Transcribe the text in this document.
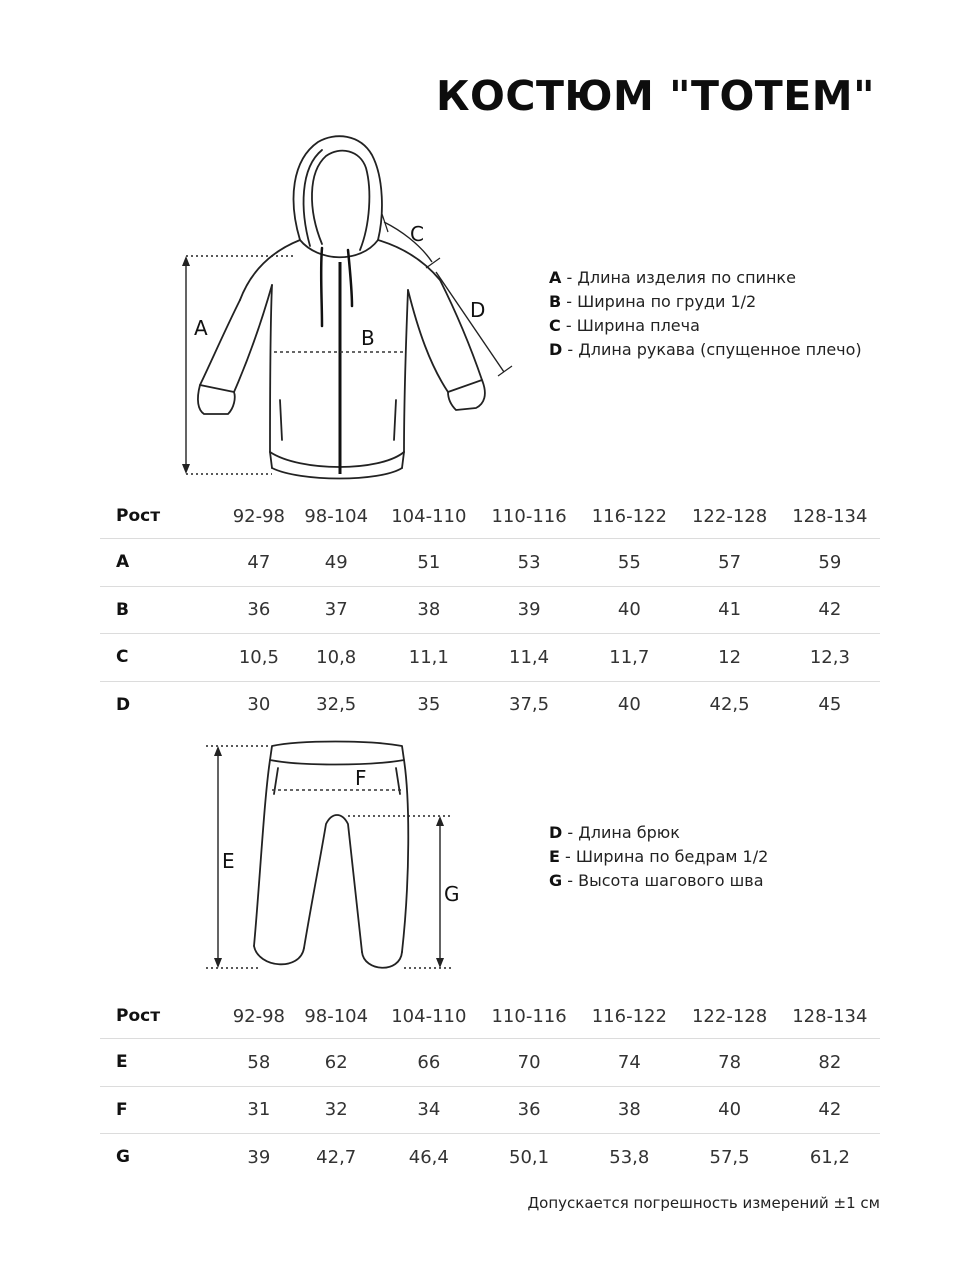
КОСТЮМ "ТОТЕМ"
A	B
C
D
A - Длина изделия по спинке
B - Ширина по груди 1/2
C - Ширина плеча
D - Длина рукава (спущенное плечо)
Рост	92-98	98-104	104-110	110-116	116-122	122-128	128-134
A	47	49	51	53	55	57	59
B	36	37	38	39	40	41	42
C	10,5	10,8	11,1	11,4	11,7	12	12,3
D	30	32,5	35	37,5	40	42,5	45
E
F
G
D - Длина брюк
E - Ширина по бедрам 1/2
G - Высота шагового шва
Рост	92-98	98-104	104-110	110-116	116-122	122-128	128-134
E	58	62	66	70	74	78	82
F	31	32	34	36	38	40	42
G	39	42,7	46,4	50,1	53,8	57,5	61,2
Допускается погрешность измерений ±1 см
